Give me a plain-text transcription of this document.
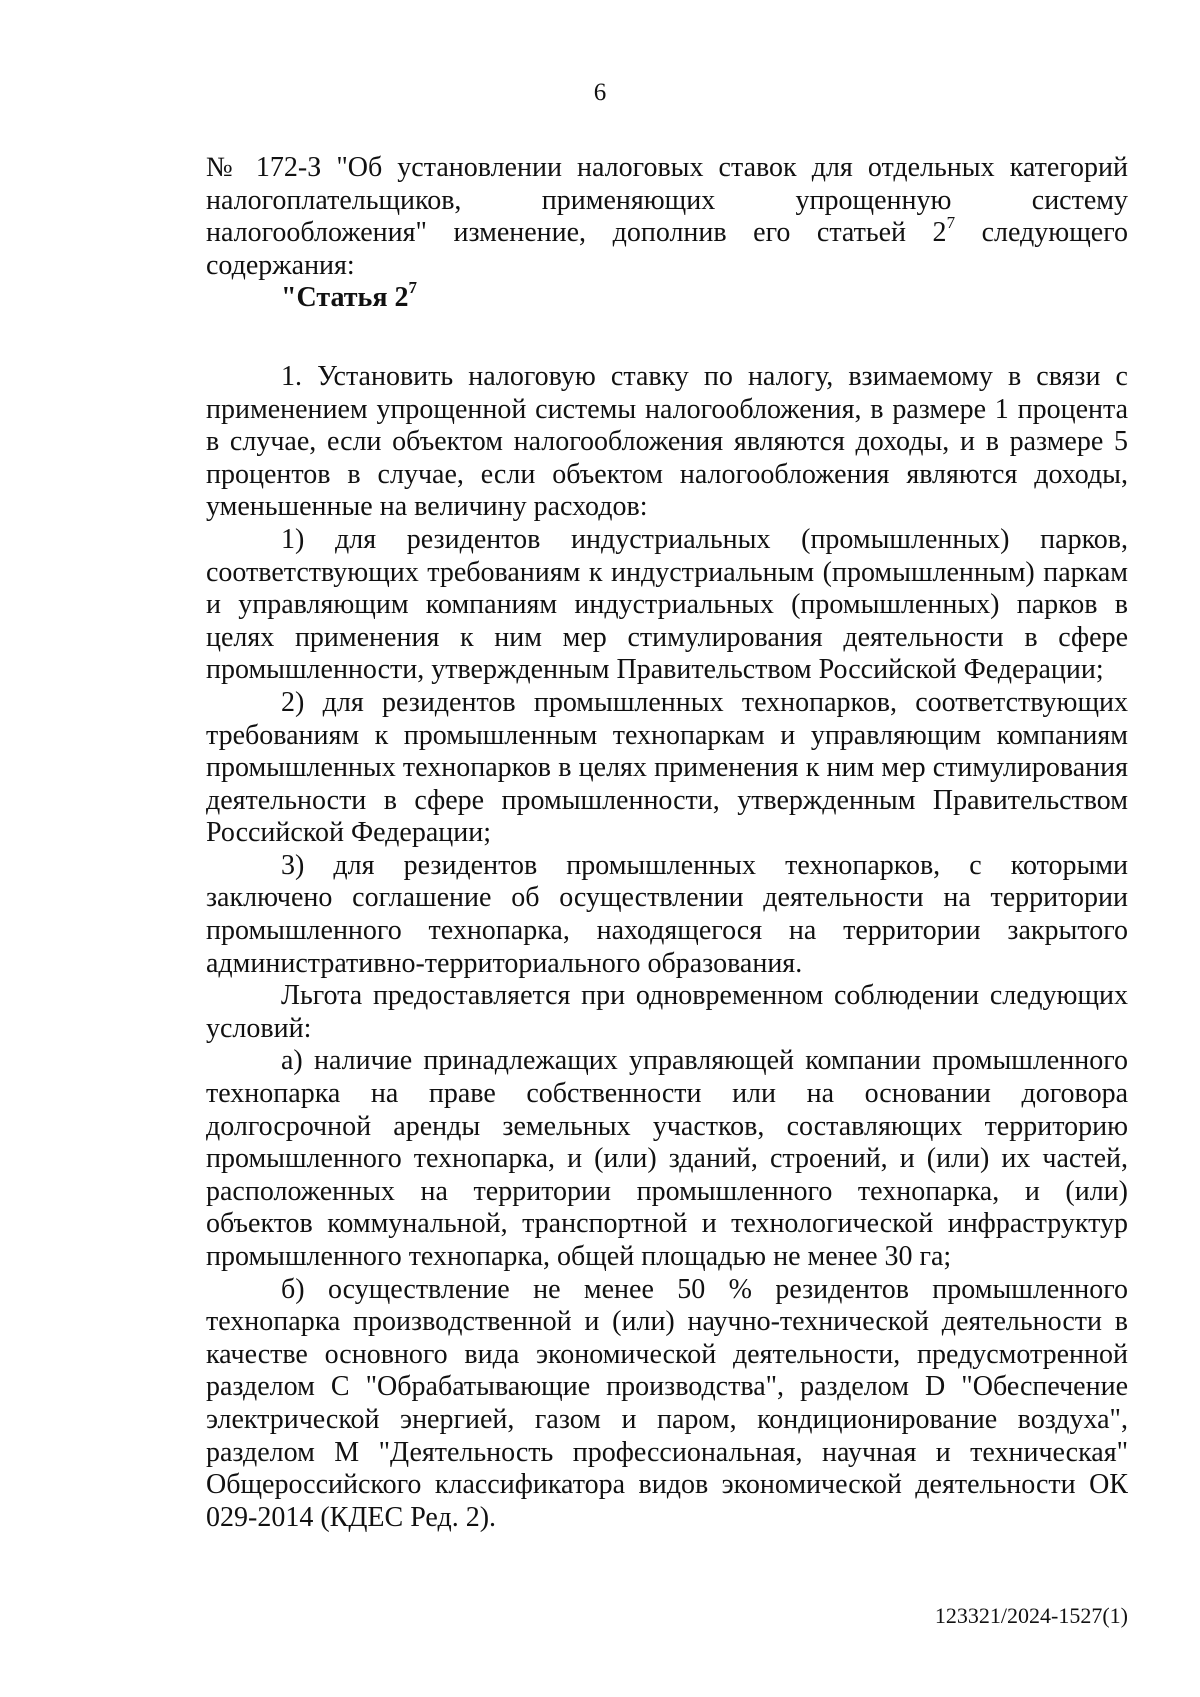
6

№ 172-З "Об установлении налоговых ставок для отдельных категорий налогоплательщиков, применяющих упрощенную систему налогообложения" изменение, дополнив его статьей $2^7$ следующего содержания:

"Статья $2^7$

1. Установить налоговую ставку по налогу, взимаемому в связи с применением упрощенной системы налогообложения, в размере 1 процента в случае, если объектом налогообложения являются доходы, и в размере 5 процентов в случае, если объектом налогообложения являются доходы, уменьшенные на величину расходов:

1) для резидентов индустриальных (промышленных) парков, соответствующих требованиям к индустриальным (промышленным) паркам и управляющим компаниям индустриальных (промышленных) парков в целях применения к ним мер стимулирования деятельности в сфере промышленности, утвержденным Правительством Российской Федерации;

2) для резидентов промышленных технопарков, соответствующих требованиям к промышленным технопаркам и управляющим компаниям промышленных технопарков в целях применения к ним мер стимулирования деятельности в сфере промышленности, утвержденным Правительством Российской Федерации;

3) для резидентов промышленных технопарков, с которыми заключено соглашение об осуществлении деятельности на территории промышленного технопарка, находящегося на территории закрытого административно-территориального образования.

Льгота предоставляется при одновременном соблюдении следующих условий:

а) наличие принадлежащих управляющей компании промышленного технопарка на праве собственности или на основании договора долгосрочной аренды земельных участков, составляющих территорию промышленного технопарка, и (или) зданий, строений, и (или) их частей, расположенных на территории промышленного технопарка, и (или) объектов коммунальной, транспортной и технологической инфраструктур промышленного технопарка, общей площадью не менее 30 га;

б) осуществление не менее 50 % резидентов промышленного технопарка производственной и (или) научно-технической деятельности в качестве основного вида экономической деятельности, предусмотренной разделом C "Обрабатывающие производства", разделом D "Обеспечение электрической энергией, газом и паром, кондиционирование воздуха", разделом M "Деятельность профессиональная, научная и техническая" Общероссийского классификатора видов экономической деятельности ОК 029-2014 (КДЕС Ред. 2).

123321/2024-1527(1)
